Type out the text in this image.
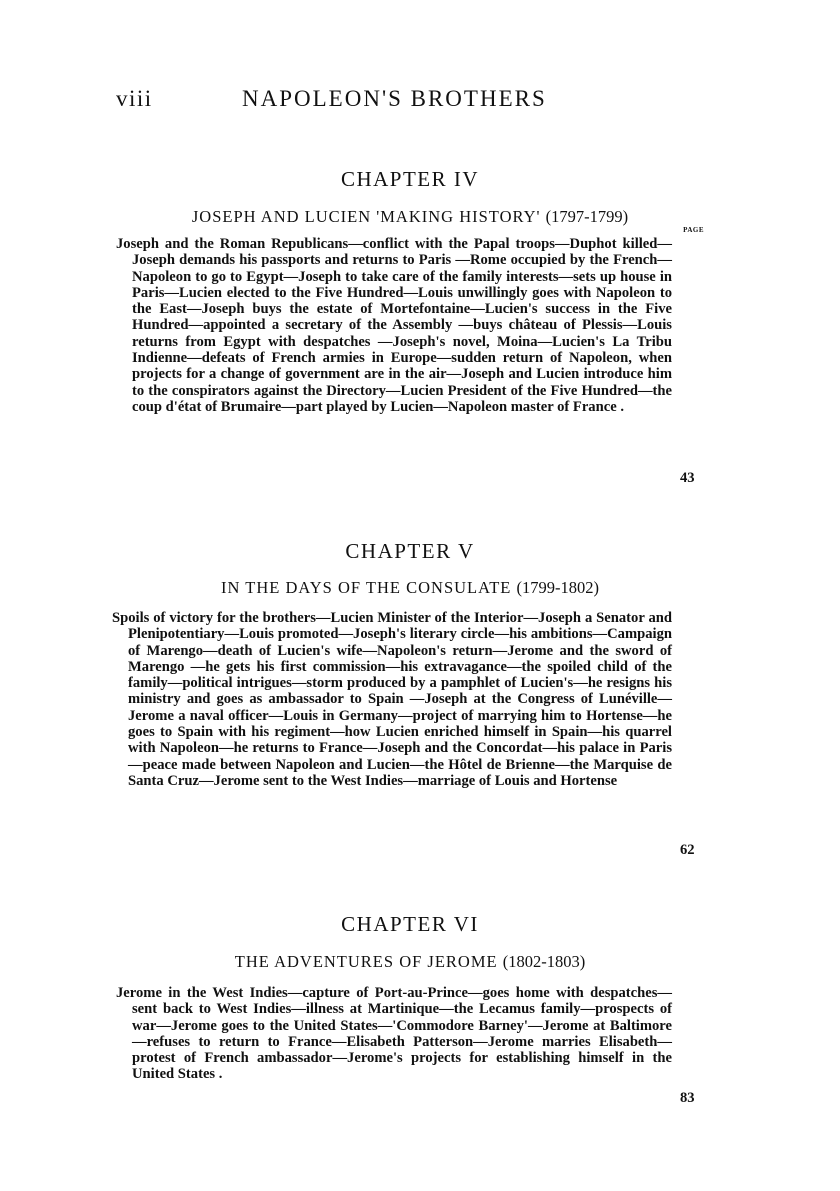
viii	NAPOLEON'S BROTHERS
CHAPTER IV
JOSEPH AND LUCIEN 'MAKING HISTORY' (1797-1799)
PAGE
Joseph and the Roman Republicans—conflict with the Papal troops—Duphot killed—Joseph demands his passports and returns to Paris —Rome occupied by the French—Napoleon to go to Egypt—Joseph to take care of the family interests—sets up house in Paris—Lucien elected to the Five Hundred—Louis unwillingly goes with Napoleon to the East—Joseph buys the estate of Mortefontaine—Lucien's success in the Five Hundred—appointed a secretary of the Assembly —buys château of Plessis—Louis returns from Egypt with despatches —Joseph's novel, Moina—Lucien's La Tribu Indienne—defeats of French armies in Europe—sudden return of Napoleon, when projects for a change of government are in the air—Joseph and Lucien introduce him to the conspirators against the Directory—Lucien President of the Five Hundred—the coup d'état of Brumaire—part played by Lucien—Napoleon master of France .
43
CHAPTER V
IN THE DAYS OF THE CONSULATE (1799-1802)
Spoils of victory for the brothers—Lucien Minister of the Interior—Joseph a Senator and Plenipotentiary—Louis promoted—Joseph's literary circle—his ambitions—Campaign of Marengo—death of Lucien's wife—Napoleon's return—Jerome and the sword of Marengo —he gets his first commission—his extravagance—the spoiled child of the family—political intrigues—storm produced by a pamphlet of Lucien's—he resigns his ministry and goes as ambassador to Spain —Joseph at the Congress of Lunéville—Jerome a naval officer—Louis in Germany—project of marrying him to Hortense—he goes to Spain with his regiment—how Lucien enriched himself in Spain—his quarrel with Napoleon—he returns to France—Joseph and the Concordat—his palace in Paris—peace made between Napoleon and Lucien—the Hôtel de Brienne—the Marquise de Santa Cruz—Jerome sent to the West Indies—marriage of Louis and Hortense
62
CHAPTER VI
THE ADVENTURES OF JEROME (1802-1803)
Jerome in the West Indies—capture of Port-au-Prince—goes home with despatches—sent back to West Indies—illness at Martinique—the Lecamus family—prospects of war—Jerome goes to the United States—'Commodore Barney'—Jerome at Baltimore—refuses to return to France—Elisabeth Patterson—Jerome marries Elisabeth—protest of French ambassador—Jerome's projects for establishing himself in the United States .
83
